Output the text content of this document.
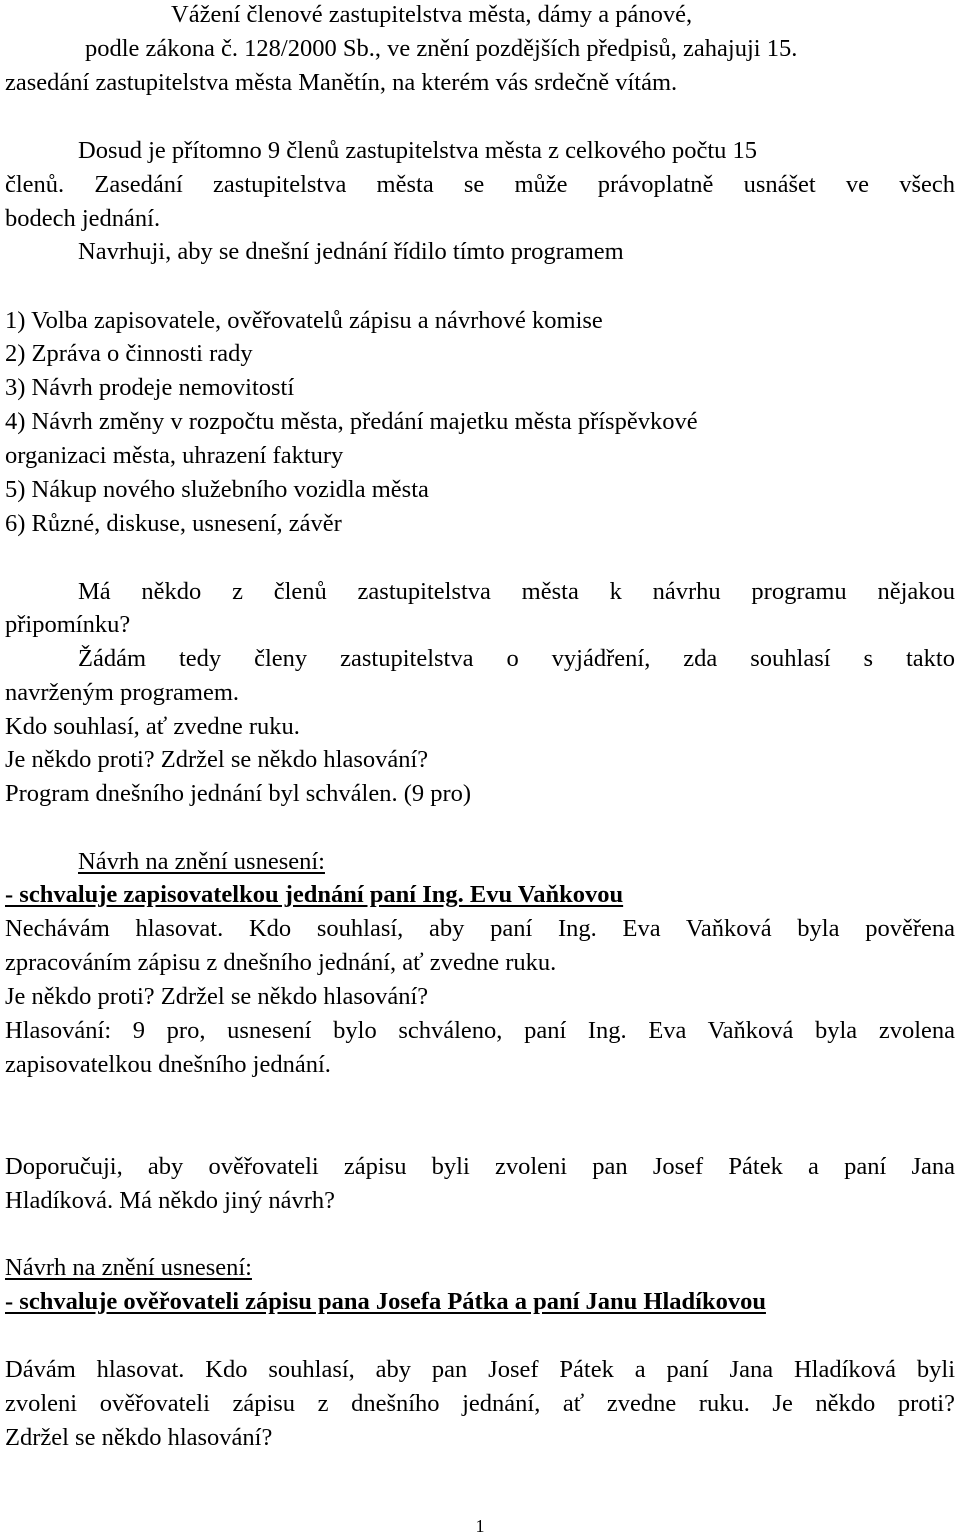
Vážení členové zastupitelstva města, dámy a pánové,
podle zákona č. 128/2000 Sb., ve znění pozdějších předpisů, zahajuji 15.
zasedání zastupitelstva města Manětín, na kterém vás srdečně vítám.
Dosud je přítomno 9 členů zastupitelstva města z celkového počtu 15
členů. Zasedání zastupitelstva města se může právoplatně usnášet ve všech
bodech jednání.
Navrhuji, aby se dnešní jednání řídilo tímto programem
1) Volba zapisovatele, ověřovatelů zápisu a návrhové komise
2) Zpráva o činnosti rady
3) Návrh prodeje nemovitostí
4) Návrh změny v rozpočtu města, předání majetku města příspěvkové
organizaci města, uhrazení faktury
5) Nákup nového služebního vozidla města
6) Různé, diskuse, usnesení, závěr
Má někdo z členů zastupitelstva města k návrhu programu nějakou
připomínku?
Žádám tedy členy zastupitelstva o vyjádření, zda souhlasí s takto
navrženým programem.
Kdo souhlasí, ať zvedne ruku.
Je někdo proti? Zdržel se někdo hlasování?
Program dnešního jednání byl schválen. (9 pro)
Návrh na znění usnesení:
- schvaluje zapisovatelkou jednání paní Ing. Evu Vaňkovou
Nechávám hlasovat. Kdo souhlasí, aby paní Ing. Eva Vaňková byla pověřena
zpracováním zápisu z dnešního jednání, ať zvedne ruku.
Je někdo proti? Zdržel se někdo hlasování?
Hlasování: 9 pro, usnesení bylo schváleno, paní Ing. Eva Vaňková byla zvolena
zapisovatelkou dnešního jednání.
Doporučuji, aby ověřovateli zápisu byli zvoleni pan Josef Pátek a paní Jana
Hladíková. Má někdo jiný návrh?
Návrh na znění usnesení:
- schvaluje ověřovateli zápisu pana Josefa Pátka a paní Janu Hladíkovou
Dávám hlasovat. Kdo souhlasí, aby pan Josef Pátek a paní Jana Hladíková byli
zvoleni ověřovateli zápisu z dnešního jednání, ať zvedne ruku. Je někdo proti?
Zdržel se někdo hlasování?
1
